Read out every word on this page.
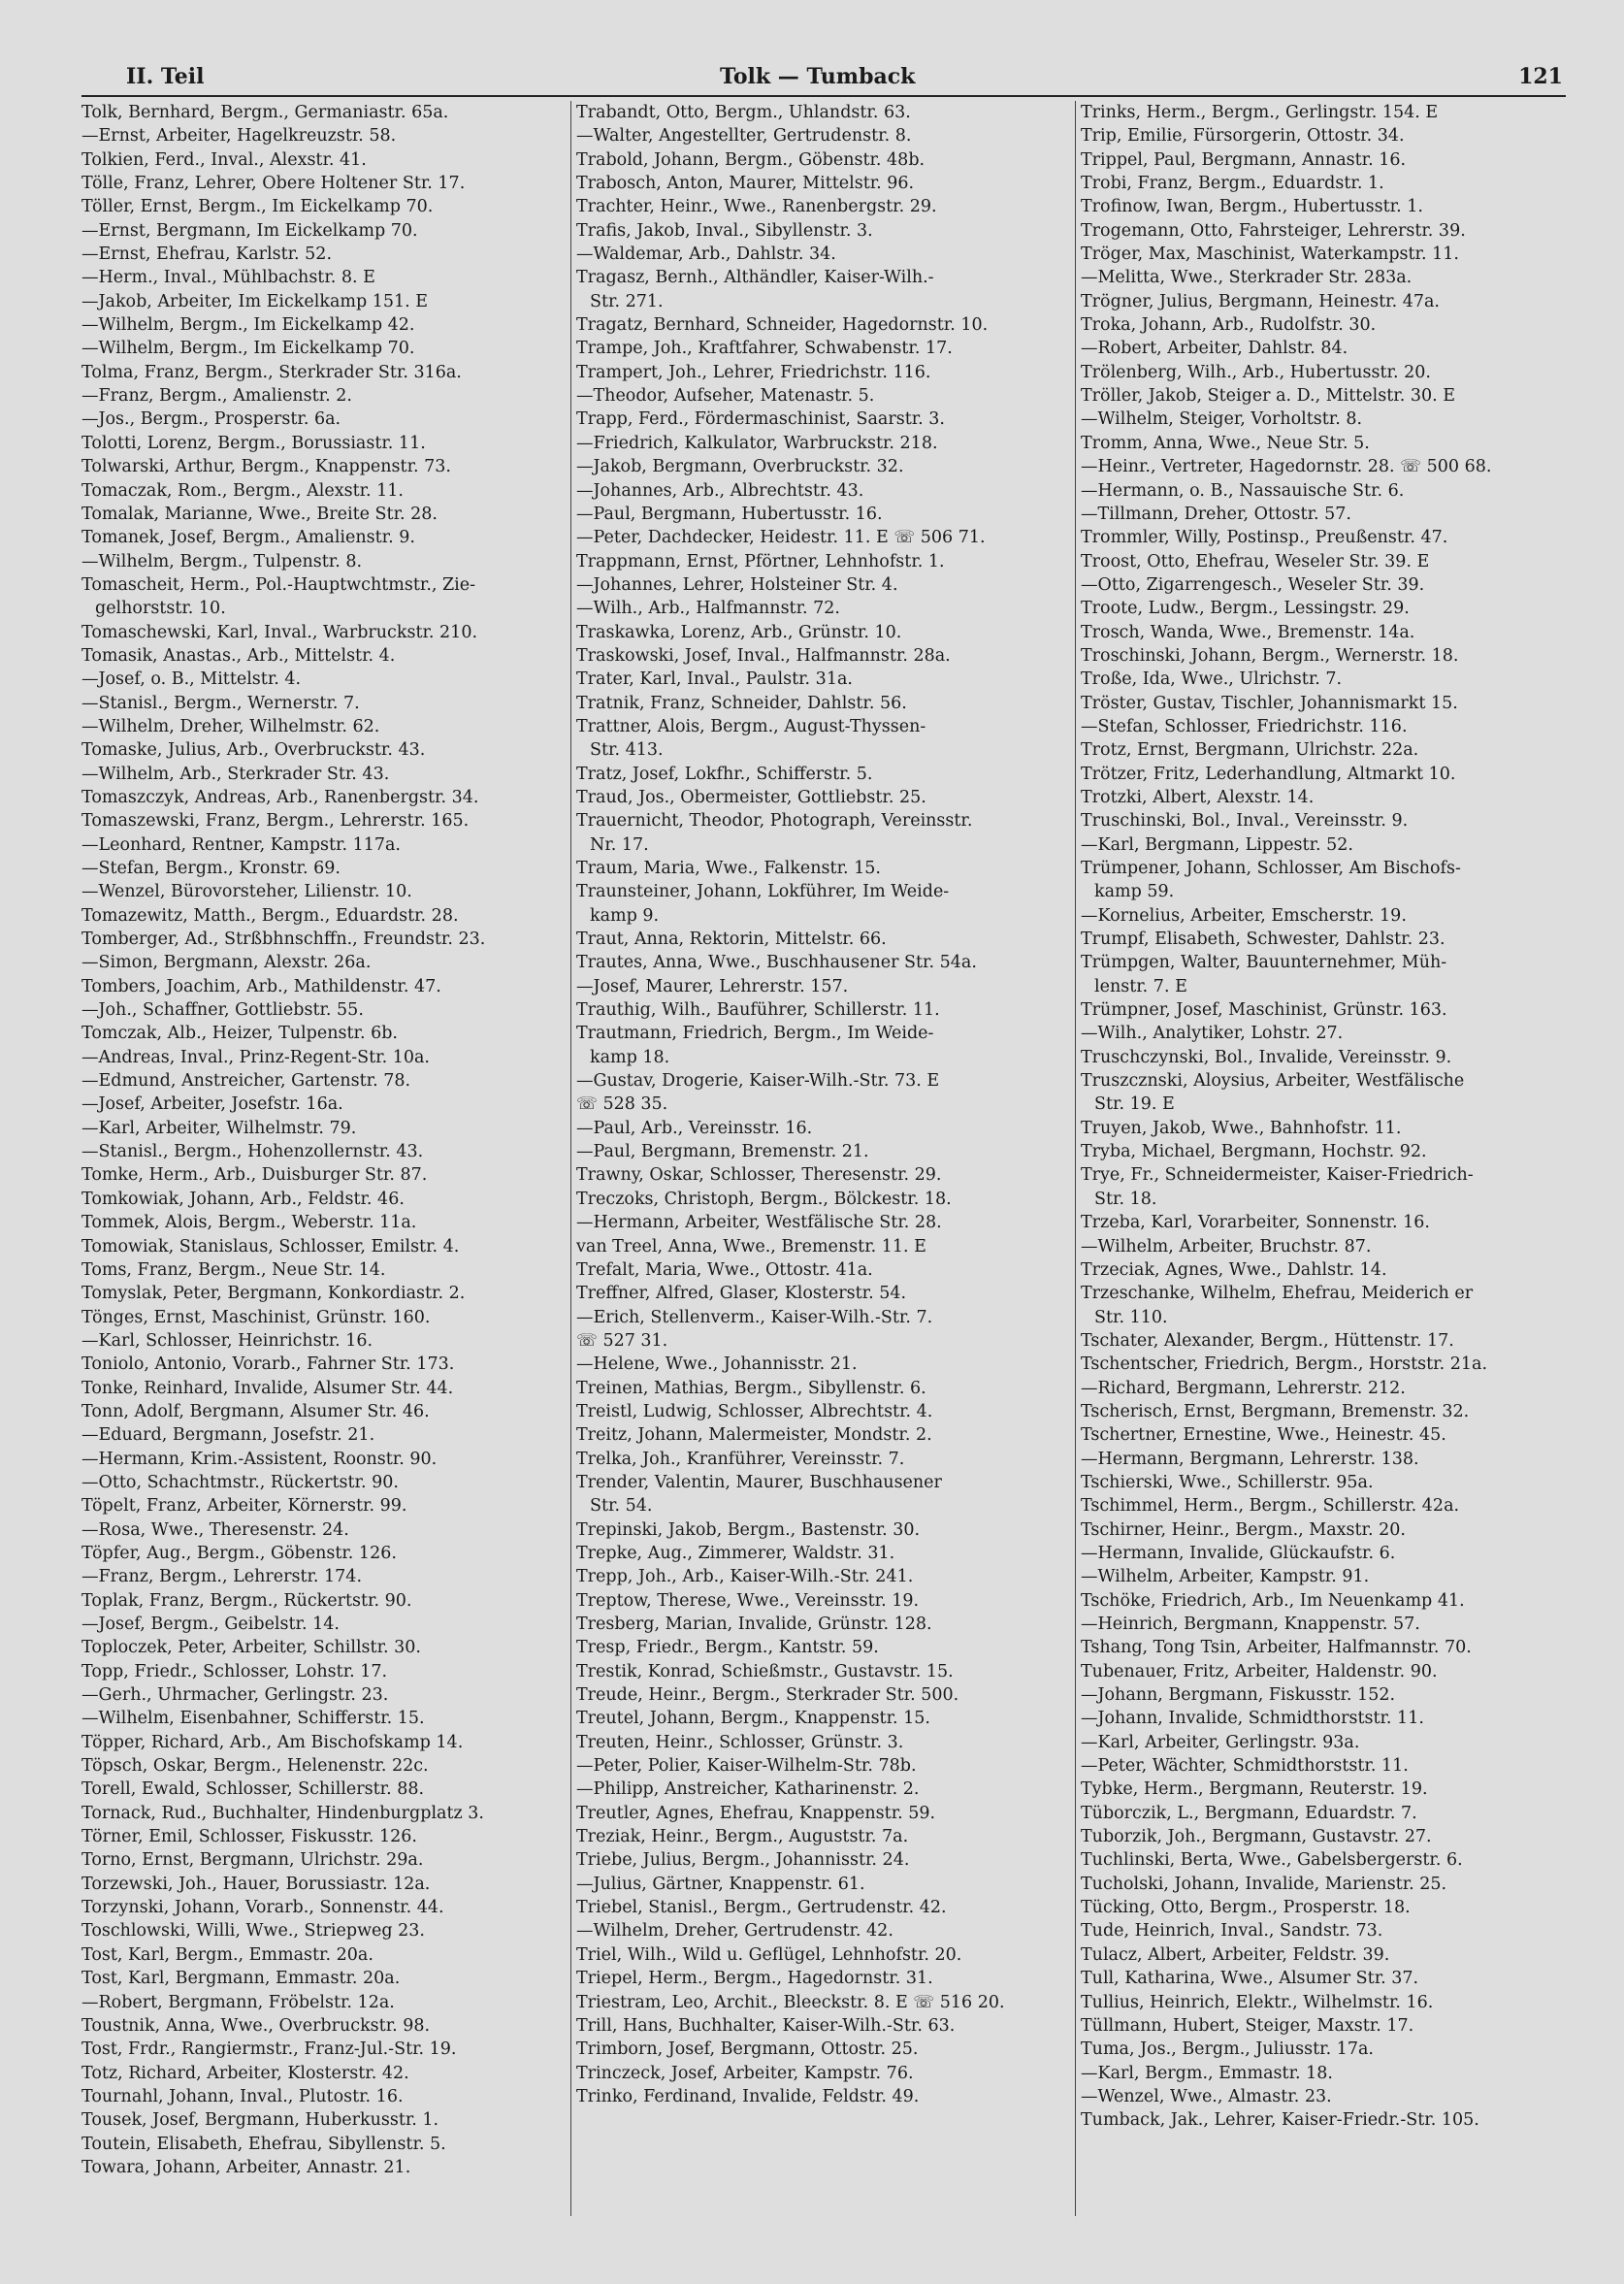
II. Teil	Tolk — Tumback	121
Tolk, Bernhard, Bergm., Germaniastr. 65a.
—Ernst, Arbeiter, Hagelkreuzstr. 58.
Tolkien, Ferd., Inval., Alexstr. 41.
Tölle, Franz, Lehrer, Obere Holtener Str. 17.
Töller, Ernst, Bergm., Im Eickelkamp 70.
—Ernst, Bergmann, Im Eickelkamp 70.
—Ernst, Ehefrau, Karlstr. 52.
—Herm., Inval., Mühlbachstr. 8. E
—Jakob, Arbeiter, Im Eickelkamp 151. E
—Wilhelm, Bergm., Im Eickelkamp 42.
—Wilhelm, Bergm., Im Eickelkamp 70.
Tolma, Franz, Bergm., Sterkrader Str. 316a.
—Franz, Bergm., Amalienstr. 2.
—Jos., Bergm., Prosperstr. 6a.
Tolotti, Lorenz, Bergm., Borussiastr. 11.
Tolwarski, Arthur, Bergm., Knappenstr. 73.
Tomaczak, Rom., Bergm., Alexstr. 11.
Tomalak, Marianne, Wwe., Breite Str. 28.
Tomanek, Josef, Bergm., Amalienstr. 9.
—Wilhelm, Bergm., Tulpenstr. 8.
Tomascheit, Herm., Pol.-Hauptwchtmstr., Zie-
gelhorststr. 10.
Tomaschewski, Karl, Inval., Warbruckstr. 210.
Tomasik, Anastas., Arb., Mittelstr. 4.
—Josef, o. B., Mittelstr. 4.
—Stanisl., Bergm., Wernerstr. 7.
—Wilhelm, Dreher, Wilhelmstr. 62.
Tomaske, Julius, Arb., Overbruckstr. 43.
—Wilhelm, Arb., Sterkrader Str. 43.
Tomaszczyk, Andreas, Arb., Ranenbergstr. 34.
Tomaszewski, Franz, Bergm., Lehrerstr. 165.
—Leonhard, Rentner, Kampstr. 117a.
—Stefan, Bergm., Kronstr. 69.
—Wenzel, Bürovorsteher, Lilienstr. 10.
Tomazewitz, Matth., Bergm., Eduardstr. 28.
Tomberger, Ad., Strßbhnschffn., Freundstr. 23.
—Simon, Bergmann, Alexstr. 26a.
Tombers, Joachim, Arb., Mathildenstr. 47.
—Joh., Schaffner, Gottliebstr. 55.
Tomczak, Alb., Heizer, Tulpenstr. 6b.
—Andreas, Inval., Prinz-Regent-Str. 10a.
—Edmund, Anstreicher, Gartenstr. 78.
—Josef, Arbeiter, Josefstr. 16a.
—Karl, Arbeiter, Wilhelmstr. 79.
—Stanisl., Bergm., Hohenzollernstr. 43.
Tomke, Herm., Arb., Duisburger Str. 87.
Tomkowiak, Johann, Arb., Feldstr. 46.
Tommek, Alois, Bergm., Weberstr. 11a.
Tomowiak, Stanislaus, Schlosser, Emilstr. 4.
Toms, Franz, Bergm., Neue Str. 14.
Tomyslak, Peter, Bergmann, Konkordiastr. 2.
Tönges, Ernst, Maschinist, Grünstr. 160.
—Karl, Schlosser, Heinrichstr. 16.
Toniolo, Antonio, Vorarb., Fahrner Str. 173.
Tonke, Reinhard, Invalide, Alsumer Str. 44.
Tonn, Adolf, Bergmann, Alsumer Str. 46.
—Eduard, Bergmann, Josefstr. 21.
—Hermann, Krim.-Assistent, Roonstr. 90.
—Otto, Schachtmstr., Rückertstr. 90.
Töpelt, Franz, Arbeiter, Körnerstr. 99.
—Rosa, Wwe., Theresenstr. 24.
Töpfer, Aug., Bergm., Göbenstr. 126.
—Franz, Bergm., Lehrerstr. 174.
Toplak, Franz, Bergm., Rückertstr. 90.
—Josef, Bergm., Geibelstr. 14.
Toploczek, Peter, Arbeiter, Schillstr. 30.
Topp, Friedr., Schlosser, Lohstr. 17.
—Gerh., Uhrmacher, Gerlingstr. 23.
—Wilhelm, Eisenbahner, Schifferstr. 15.
Töpper, Richard, Arb., Am Bischofskamp 14.
Töpsch, Oskar, Bergm., Helenenstr. 22c.
Torell, Ewald, Schlosser, Schillerstr. 88.
Tornack, Rud., Buchhalter, Hindenburgplatz 3.
Törner, Emil, Schlosser, Fiskusstr. 126.
Torno, Ernst, Bergmann, Ulrichstr. 29a.
Torzewski, Joh., Hauer, Borussiastr. 12a.
Torzynski, Johann, Vorarb., Sonnenstr. 44.
Toschlowski, Willi, Wwe., Striepweg 23.
Tost, Karl, Bergm., Emmastr. 20a.
Tost, Karl, Bergmann, Emmastr. 20a.
—Robert, Bergmann, Fröbelstr. 12a.
Toustnik, Anna, Wwe., Overbruckstr. 98.
Tost, Frdr., Rangiermstr., Franz-Jul.-Str. 19.
Totz, Richard, Arbeiter, Klosterstr. 42.
Tournahl, Johann, Inval., Plutostr. 16.
Tousek, Josef, Bergmann, Huberkusstr. 1.
Toutein, Elisabeth, Ehefrau, Sibyllenstr. 5.
Towara, Johann, Arbeiter, Annastr. 21.
Trabandt, Otto, Bergm., Uhlandstr. 63.
—Walter, Angestellter, Gertrudenstr. 8.
Trabold, Johann, Bergm., Göbenstr. 48b.
Trabosch, Anton, Maurer, Mittelstr. 96.
Trachter, Heinr., Wwe., Ranenbergstr. 29.
Trafis, Jakob, Inval., Sibyllenstr. 3.
—Waldemar, Arb., Dahlstr. 34.
Tragasz, Bernh., Althändler, Kaiser-Wilh.-
Str. 271.
Tragatz, Bernhard, Schneider, Hagedornstr. 10.
Trampe, Joh., Kraftfahrer, Schwabenstr. 17.
Trampert, Joh., Lehrer, Friedrichstr. 116.
—Theodor, Aufseher, Matenastr. 5.
Trapp, Ferd., Fördermaschinist, Saarstr. 3.
—Friedrich, Kalkulator, Warbruckstr. 218.
—Jakob, Bergmann, Overbruckstr. 32.
—Johannes, Arb., Albrechtstr. 43.
—Paul, Bergmann, Hubertusstr. 16.
—Peter, Dachdecker, Heidestr. 11. E ☏ 506 71.
Trappmann, Ernst, Pförtner, Lehnhofstr. 1.
—Johannes, Lehrer, Holsteiner Str. 4.
—Wilh., Arb., Halfmannstr. 72.
Traskawka, Lorenz, Arb., Grünstr. 10.
Traskowski, Josef, Inval., Halfmannstr. 28a.
Trater, Karl, Inval., Paulstr. 31a.
Tratnik, Franz, Schneider, Dahlstr. 56.
Trattner, Alois, Bergm., August-Thyssen-
Str. 413.
Tratz, Josef, Lokfhr., Schifferstr. 5.
Traud, Jos., Obermeister, Gottliebstr. 25.
Trauernicht, Theodor, Photograph, Vereinsstr.
Nr. 17.
Traum, Maria, Wwe., Falkenstr. 15.
Traunsteiner, Johann, Lokführer, Im Weide-
kamp 9.
Traut, Anna, Rektorin, Mittelstr. 66.
Trautes, Anna, Wwe., Buschhausener Str. 54a.
—Josef, Maurer, Lehrerstr. 157.
Trauthig, Wilh., Bauführer, Schillerstr. 11.
Trautmann, Friedrich, Bergm., Im Weide-
kamp 18.
—Gustav, Drogerie, Kaiser-Wilh.-Str. 73. E
☏ 528 35.
—Paul, Arb., Vereinsstr. 16.
—Paul, Bergmann, Bremenstr. 21.
Trawny, Oskar, Schlosser, Theresenstr. 29.
Treczoks, Christoph, Bergm., Bölckestr. 18.
—Hermann, Arbeiter, Westfälische Str. 28.
van Treel, Anna, Wwe., Bremenstr. 11. E
Trefalt, Maria, Wwe., Ottostr. 41a.
Treffner, Alfred, Glaser, Klosterstr. 54.
—Erich, Stellenverm., Kaiser-Wilh.-Str. 7.
☏ 527 31.
—Helene, Wwe., Johannisstr. 21.
Treinen, Mathias, Bergm., Sibyllenstr. 6.
Treistl, Ludwig, Schlosser, Albrechtstr. 4.
Treitz, Johann, Malermeister, Mondstr. 2.
Trelka, Joh., Kranführer, Vereinsstr. 7.
Trender, Valentin, Maurer, Buschhausener
Str. 54.
Trepinski, Jakob, Bergm., Bastenstr. 30.
Trepke, Aug., Zimmerer, Waldstr. 31.
Trepp, Joh., Arb., Kaiser-Wilh.-Str. 241.
Treptow, Therese, Wwe., Vereinsstr. 19.
Tresberg, Marian, Invalide, Grünstr. 128.
Tresp, Friedr., Bergm., Kantstr. 59.
Trestik, Konrad, Schießmstr., Gustavstr. 15.
Treude, Heinr., Bergm., Sterkrader Str. 500.
Treutel, Johann, Bergm., Knappenstr. 15.
Treuten, Heinr., Schlosser, Grünstr. 3.
—Peter, Polier, Kaiser-Wilhelm-Str. 78b.
—Philipp, Anstreicher, Katharinenstr. 2.
Treutler, Agnes, Ehefrau, Knappenstr. 59.
Treziak, Heinr., Bergm., Auguststr. 7a.
Triebe, Julius, Bergm., Johannisstr. 24.
—Julius, Gärtner, Knappenstr. 61.
Triebel, Stanisl., Bergm., Gertrudenstr. 42.
—Wilhelm, Dreher, Gertrudenstr. 42.
Triel, Wilh., Wild u. Geflügel, Lehnhofstr. 20.
Triepel, Herm., Bergm., Hagedornstr. 31.
Triestram, Leo, Archit., Bleeckstr. 8. E ☏ 516 20.
Trill, Hans, Buchhalter, Kaiser-Wilh.-Str. 63.
Trimborn, Josef, Bergmann, Ottostr. 25.
Trinczeck, Josef, Arbeiter, Kampstr. 76.
Trinko, Ferdinand, Invalide, Feldstr. 49.
Trinks, Herm., Bergm., Gerlingstr. 154. E
Trip, Emilie, Fürsorgerin, Ottostr. 34.
Trippel, Paul, Bergmann, Annastr. 16.
Trobi, Franz, Bergm., Eduardstr. 1.
Trofinow, Iwan, Bergm., Hubertusstr. 1.
Trogemann, Otto, Fahrsteiger, Lehrerstr. 39.
Tröger, Max, Maschinist, Waterkampstr. 11.
—Melitta, Wwe., Sterkrader Str. 283a.
Trögner, Julius, Bergmann, Heinestr. 47a.
Troka, Johann, Arb., Rudolfstr. 30.
—Robert, Arbeiter, Dahlstr. 84.
Trölenberg, Wilh., Arb., Hubertusstr. 20.
Tröller, Jakob, Steiger a. D., Mittelstr. 30. E
—Wilhelm, Steiger, Vorholtstr. 8.
Tromm, Anna, Wwe., Neue Str. 5.
—Heinr., Vertreter, Hagedornstr. 28. ☏ 500 68.
—Hermann, o. B., Nassauische Str. 6.
—Tillmann, Dreher, Ottostr. 57.
Trommler, Willy, Postinsp., Preußenstr. 47.
Troost, Otto, Ehefrau, Weseler Str. 39. E
—Otto, Zigarrengesch., Weseler Str. 39.
Troote, Ludw., Bergm., Lessingstr. 29.
Trosch, Wanda, Wwe., Bremenstr. 14a.
Troschinski, Johann, Bergm., Wernerstr. 18.
Troße, Ida, Wwe., Ulrichstr. 7.
Tröster, Gustav, Tischler, Johannismarkt 15.
—Stefan, Schlosser, Friedrichstr. 116.
Trotz, Ernst, Bergmann, Ulrichstr. 22a.
Trötzer, Fritz, Lederhandlung, Altmarkt 10.
Trotzki, Albert, Alexstr. 14.
Truschinski, Bol., Inval., Vereinsstr. 9.
—Karl, Bergmann, Lippestr. 52.
Trümpener, Johann, Schlosser, Am Bischofs-
kamp 59.
—Kornelius, Arbeiter, Emscherstr. 19.
Trumpf, Elisabeth, Schwester, Dahlstr. 23.
Trümpgen, Walter, Bauunternehmer, Müh-
lenstr. 7. E
Trümpner, Josef, Maschinist, Grünstr. 163.
—Wilh., Analytiker, Lohstr. 27.
Truschczynski, Bol., Invalide, Vereinsstr. 9.
Truszcznski, Aloysius, Arbeiter, Westfälische
Str. 19. E
Truyen, Jakob, Wwe., Bahnhofstr. 11.
Tryba, Michael, Bergmann, Hochstr. 92.
Trye, Fr., Schneidermeister, Kaiser-Friedrich-
Str. 18.
Trzeba, Karl, Vorarbeiter, Sonnenstr. 16.
—Wilhelm, Arbeiter, Bruchstr. 87.
Trzeciak, Agnes, Wwe., Dahlstr. 14.
Trzeschanke, Wilhelm, Ehefrau, Meiderich er
Str. 110.
Tschater, Alexander, Bergm., Hüttenstr. 17.
Tschentscher, Friedrich, Bergm., Horststr. 21a.
—Richard, Bergmann, Lehrerstr. 212.
Tscherisch, Ernst, Bergmann, Bremenstr. 32.
Tschertner, Ernestine, Wwe., Heinestr. 45.
—Hermann, Bergmann, Lehrerstr. 138.
Tschierski, Wwe., Schillerstr. 95a.
Tschimmel, Herm., Bergm., Schillerstr. 42a.
Tschirner, Heinr., Bergm., Maxstr. 20.
—Hermann, Invalide, Glückaufstr. 6.
—Wilhelm, Arbeiter, Kampstr. 91.
Tschöke, Friedrich, Arb., Im Neuenkamp 41.
—Heinrich, Bergmann, Knappenstr. 57.
Tshang, Tong Tsin, Arbeiter, Halfmannstr. 70.
Tubenauer, Fritz, Arbeiter, Haldenstr. 90.
—Johann, Bergmann, Fiskusstr. 152.
—Johann, Invalide, Schmidthorststr. 11.
—Karl, Arbeiter, Gerlingstr. 93a.
—Peter, Wächter, Schmidthorststr. 11.
Tybke, Herm., Bergmann, Reuterstr. 19.
Tüborczik, L., Bergmann, Eduardstr. 7.
Tuborzik, Joh., Bergmann, Gustavstr. 27.
Tuchlinski, Berta, Wwe., Gabelsbergerstr. 6.
Tucholski, Johann, Invalide, Marienstr. 25.
Tücking, Otto, Bergm., Prosperstr. 18.
Tude, Heinrich, Inval., Sandstr. 73.
Tulacz, Albert, Arbeiter, Feldstr. 39.
Tull, Katharina, Wwe., Alsumer Str. 37.
Tullius, Heinrich, Elektr., Wilhelmstr. 16.
Tüllmann, Hubert, Steiger, Maxstr. 17.
Tuma, Jos., Bergm., Juliusstr. 17a.
—Karl, Bergm., Emmastr. 18.
—Wenzel, Wwe., Almastr. 23.
Tumback, Jak., Lehrer, Kaiser-Friedr.-Str. 105.
